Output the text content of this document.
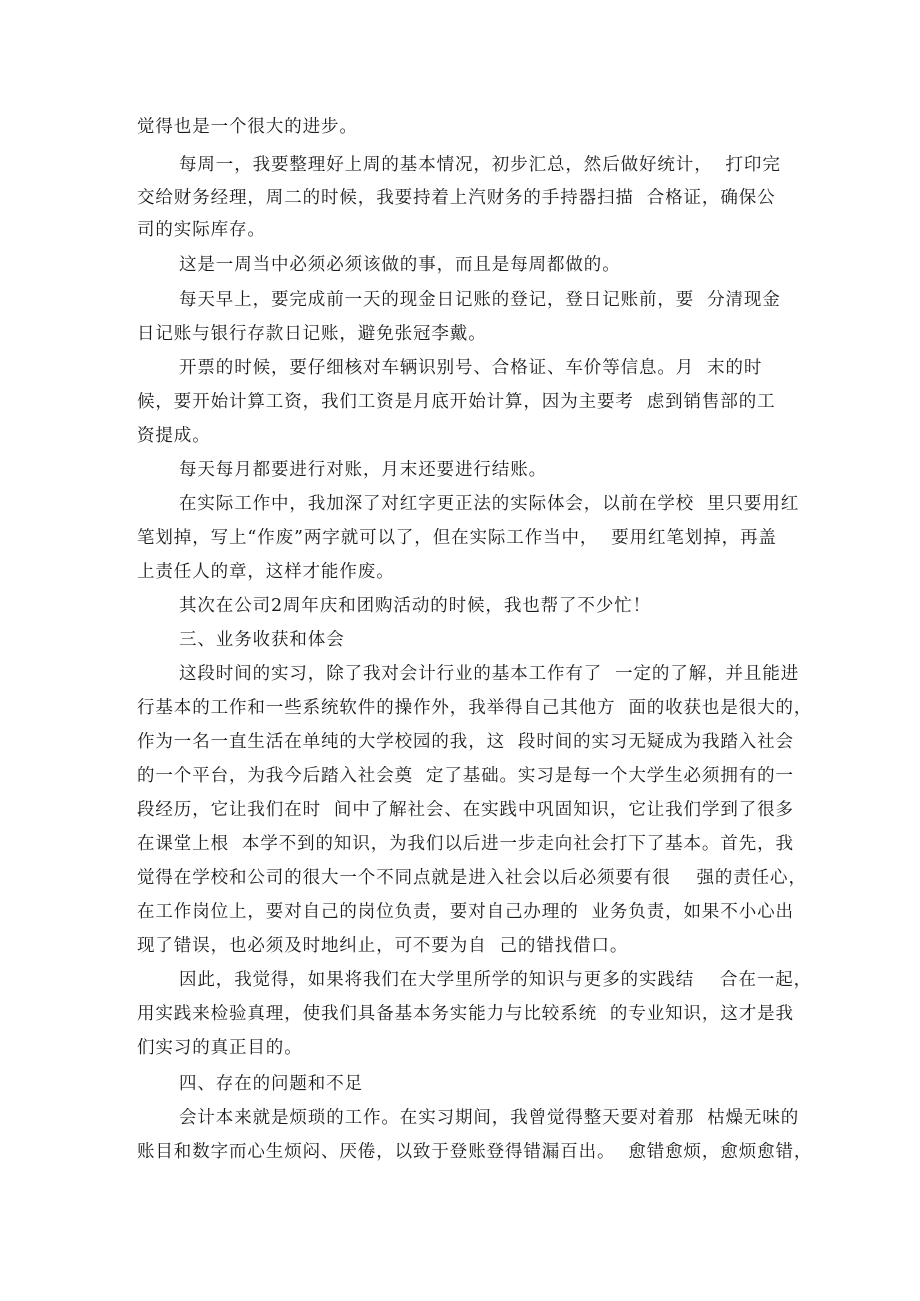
觉得也是一个很大的进步。
每周一，我要整理好上周的基本情况，初步汇总，然后做好统计，  打印完
交给财务经理，周二的时候，我要持着上汽财务的手持器扫描  合格证，确保公
司的实际库存。
这是一周当中必须必须该做的事，而且是每周都做的。
每天早上，要完成前一天的现金日记账的登记，登日记账前，要  分清现金
日记账与银行存款日记账，避免张冠李戴。
开票的时候，要仔细核对车辆识别号、合格证、车价等信息。月  末的时
候，要开始计算工资，我们工资是月底开始计算，因为主要考  虑到销售部的工
资提成。
每天每月都要进行对账，月末还要进行结账。
在实际工作中，我加深了对红字更正法的实际体会，以前在学校  里只要用红
笔划掉，写上“作废”两字就可以了，但在实际工作当中，  要用红笔划掉，再盖
上责任人的章，这样才能作废。
其次在公司2周年庆和团购活动的时候，我也帮了不少忙！
三、业务收获和体会
这段时间的实习，除了我对会计行业的基本工作有了  一定的了解，并且能进
行基本的工作和一些系统软件的操作外，我举得自己其他方  面的收获也是很大的，
作为一名一直生活在单纯的大学校园的我，这  段时间的实习无疑成为我踏入社会
的一个平台，为我今后踏入社会奠  定了基础。实习是每一个大学生必须拥有的一
段经历，它让我们在时  间中了解社会、在实践中巩固知识，它让我们学到了很多
在课堂上根  本学不到的知识，为我们以后进一步走向社会打下了基本。首先，我
觉得在学校和公司的很大一个不同点就是进入社会以后必须要有很    强的责任心，
在工作岗位上，要对自己的岗位负责，要对自己办理的  业务负责，如果不小心出
现了错误，也必须及时地纠止，可不要为自  己的错找借口。
因此，我觉得，如果将我们在大学里所学的知识与更多的实践结    合在一起，
用实践来检验真理，使我们具备基本务实能力与比较系统  的专业知识，这才是我
们实习的真正目的。
四、存在的问题和不足
会计本来就是烦琐的工作。在实习期间，我曾觉得整天要对着那  枯燥无味的
账目和数字而心生烦闷、厌倦，以致于登账登得错漏百出。  愈错愈烦，愈烦愈错，
